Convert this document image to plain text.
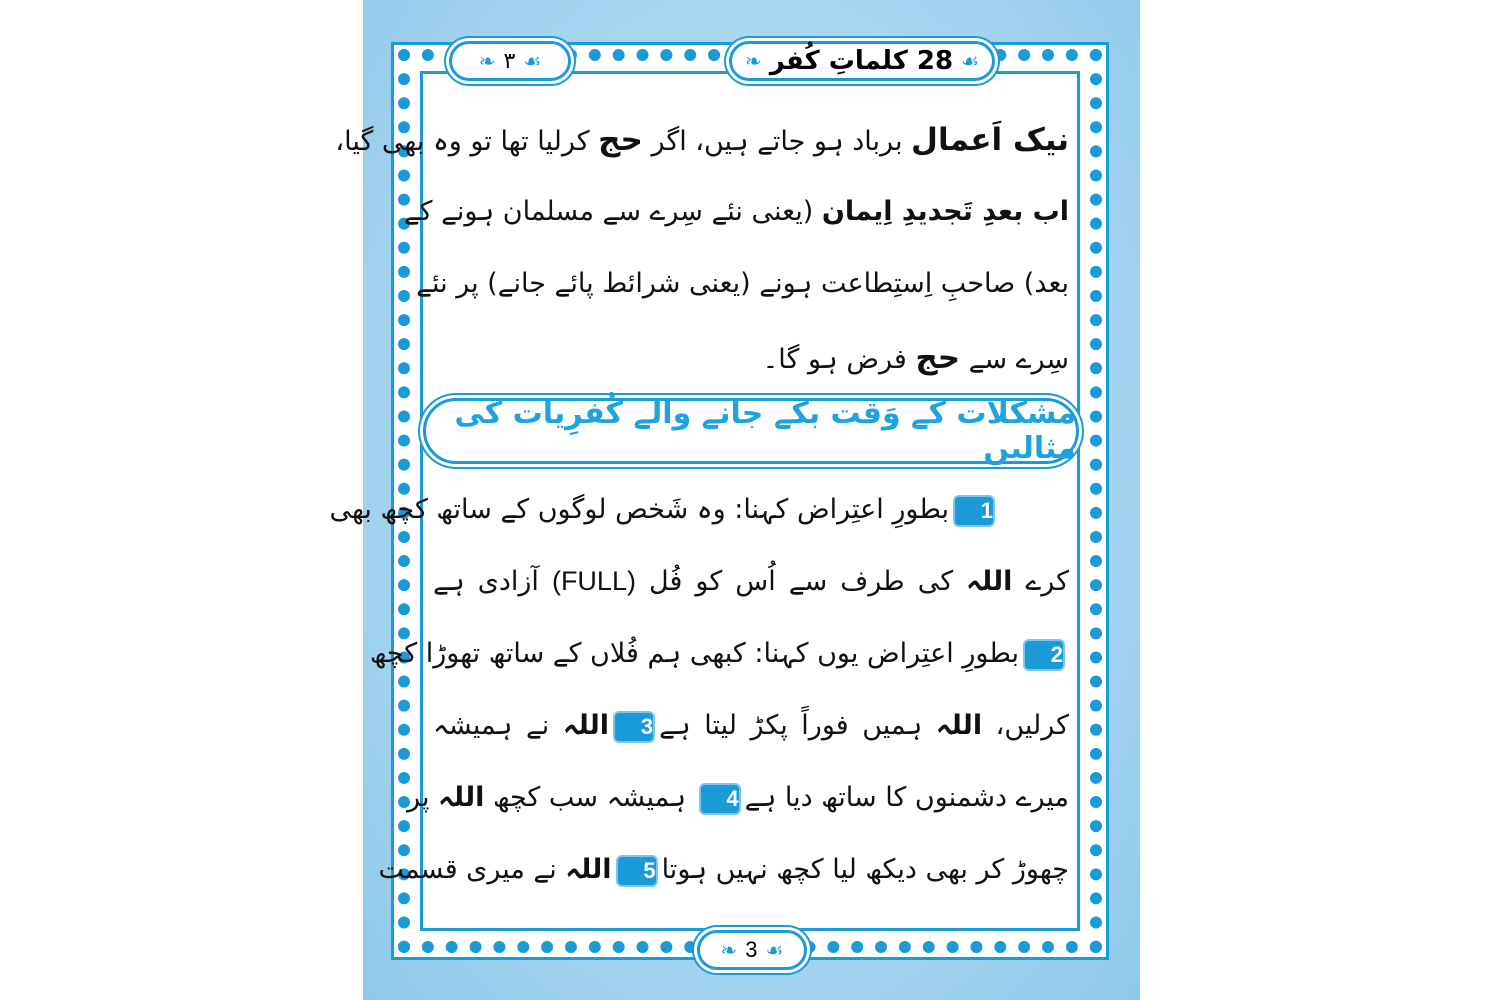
❧ ۳ ☙	❧ 28 کلماتِ کُفر ☙
نیک اَعمال برباد ہو جاتے ہیں، اگر حج کرلیا تھا تو وہ بھی گیا،
اب بعدِ تَجدیدِ اِیمان (یعنی نئے سِرے سے مسلمان ہونے کے
بعد) صاحبِ اِستِطاعت ہونے (یعنی شرائط پائے جانے) پر نئے
سِرے سے حج فرض ہو گا۔
مشکلات کے وَقت بکے جانے والے کُفرِیات کی مثالیں
1بطورِ اعتِراض کہنا: وہ شَخص لوگوں کے ساتھ کچھ بھی
کرے اللہ کی طرف سے اُس کو فُل (FULL) آزادی ہے
2بطورِ اعتِراض یوں کہنا: کبھی ہم فُلاں کے ساتھ تھوڑا کچھ
کرلیں، اللہ ہمیں فوراً پکڑ لیتا ہے3اللہ نے ہمیشہ
میرے دشمنوں کا ساتھ دیا ہے4 ہمیشہ سب کچھ اللہ پر
چھوڑ کر بھی دیکھ لیا کچھ نہیں ہوتا5اللہ نے میری قسمت
❧ 3 ☙
